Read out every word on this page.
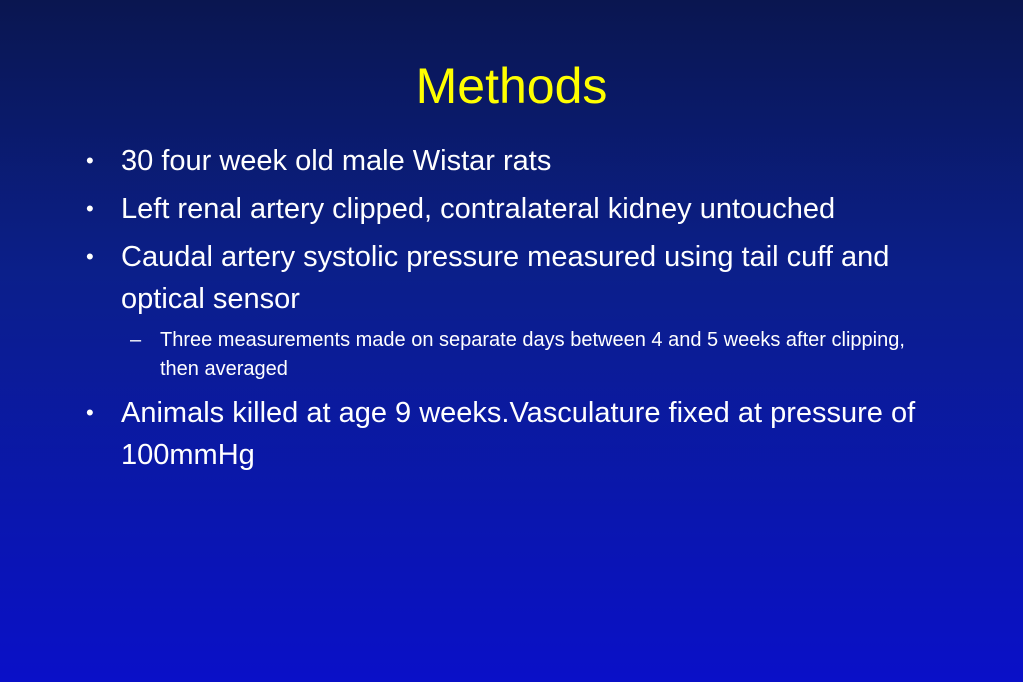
Methods
• 30 four week old male Wistar rats
• Left renal artery clipped, contralateral kidney untouched
• Caudal artery systolic pressure measured using tail cuff and optical sensor
– Three measurements made on separate days between 4 and 5 weeks after clipping, then averaged
• Animals killed at age 9 weeks.Vasculature fixed at pressure of 100mmHg
